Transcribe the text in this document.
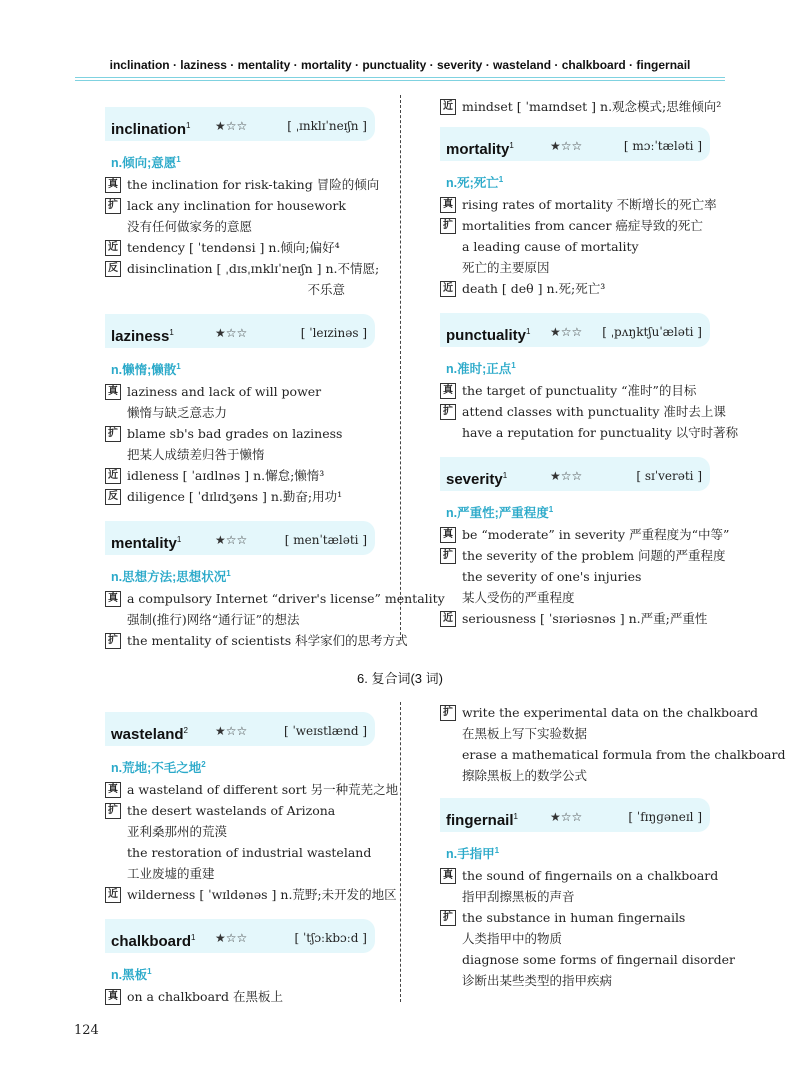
inclination · laziness · mentality · mortality · punctuality · severity · wasteland · chalkboard · fingernail
inclination$^1$ ★☆☆	[ ˌɪnklɪˈneɪʃn ]
n.倾向;意愿$^1$
真 the inclination for risk-taking 冒险的倾向
扩 lack any inclination for housework
没有任何做家务的意愿
近 tendency [ ˈtendənsi ] n.倾向;偏好⁴
反 disinclination [ ˌdɪsˌɪnklɪˈneɪʃn ] n.不情愿;
不乐意
laziness$^1$	★☆☆	[ ˈleɪzinəs ]
n.懒惰;懒散$^1$
真 laziness and lack of will power
懒惰与缺乏意志力
扩 blame sb's bad grades on laziness
把某人成绩差归咎于懒惰
近 idleness [ ˈaɪdlnəs ] n.懈怠;懒惰³
反 diligence [ ˈdɪlɪdʒəns ] n.勤奋;用功¹
mentality$^1$	★☆☆	[ menˈtæləti ]
n.思想方法;思想状况$^1$
真 a compulsory Internet “driver's license” mentality
强制(推行)网络“通行证”的想法
扩 the mentality of scientists 科学家们的思考方式
近 mindset [ ˈmaɪndset ] n.观念模式;思维倾向²
mortality$^1$	★☆☆	[ mɔːˈtæləti ]
n.死;死亡$^1$
真 rising rates of mortality 不断增长的死亡率
扩 mortalities from cancer 癌症导致的死亡
a leading cause of mortality
死亡的主要原因
近 death [ deθ ] n.死;死亡³
punctuality$^1$ ★☆☆ [ ˌpʌŋktʃuˈæləti ]
n.准时;正点$^1$
真 the target of punctuality “准时”的目标
扩 attend classes with punctuality 准时去上课
have a reputation for punctuality 以守时著称
severity$^1$	★☆☆	[ sɪˈverəti ]
n.严重性;严重程度$^1$
真 be “moderate” in severity 严重程度为“中等”
扩 the severity of the problem 问题的严重程度
the severity of one's injuries
某人受伤的严重程度
近 seriousness [ ˈsɪəriəsnəs ] n.严重;严重性
6. 复合词(3 词)
wasteland$^2$ ★☆☆	[ ˈweɪstlænd ]
n.荒地;不毛之地$^2$
真 a wasteland of different sort 另一种荒芜之地
扩 the desert wastelands of Arizona
亚利桑那州的荒漠
the restoration of industrial wasteland
工业废墟的重建
近 wilderness [ ˈwɪldənəs ] n.荒野;未开发的地区
chalkboard$^1$ ★☆☆	[ ˈtʃɔːkbɔːd ]
n.黑板$^1$
真 on a chalkboard 在黑板上
扩 write the experimental data on the chalkboard
在黑板上写下实验数据
erase a mathematical formula from the chalkboard
擦除黑板上的数学公式
fingernail$^1$	★☆☆	[ ˈfɪŋɡəneɪl ]
n.手指甲$^1$
真 the sound of fingernails on a chalkboard
指甲刮擦黑板的声音
扩 the substance in human fingernails
人类指甲中的物质
diagnose some forms of fingernail disorder
诊断出某些类型的指甲疾病
124
